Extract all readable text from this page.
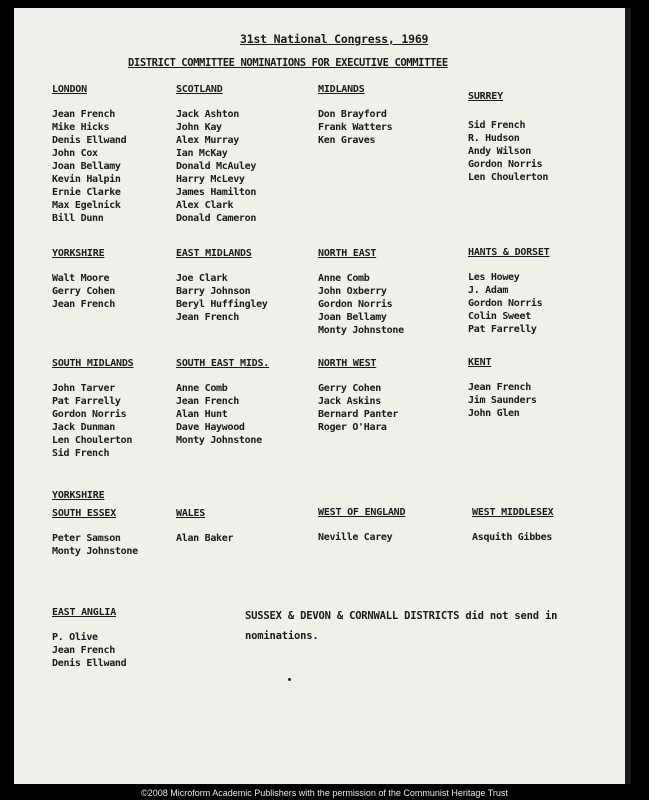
31st National Congress, 1969
DISTRICT COMMITTEE NOMINATIONS FOR EXECUTIVE COMMITTEE
LONDON
Jean French
Mike Hicks
Denis Ellwand
John Cox
Joan Bellamy
Kevin Halpin
Ernie Clarke
Max Egelnick
Bill Dunn
SCOTLAND
Jack Ashton
John Kay
Alex Murray
Ian McKay
Donald McAuley
Harry McLevy
James Hamilton
Alex Clark
Donald Cameron
MIDLANDS
Don Brayford
Frank Watters
Ken Graves
SURREY
Sid French
R. Hudson
Andy Wilson
Gordon Norris
Len Choulerton
YORKSHIRE
Walt Moore
Gerry Cohen
Jean French
EAST MIDLANDS
Joe Clark
Barry Johnson
Beryl Huffingley
Jean French
NORTH EAST
Anne Comb
John Oxberry
Gordon Norris
Joan Bellamy
Monty Johnstone
HANTS & DORSET
Les Howey
J. Adam
Gordon Norris
Colin Sweet
Pat Farrelly
SOUTH MIDLANDS
John Tarver
Pat Farrelly
Gordon Norris
Jack Dunman
Len Choulerton
Sid French
SOUTH EAST MIDS.
Anne Comb
Jean French
Alan Hunt
Dave Haywood
Monty Johnstone
NORTH WEST
Gerry Cohen
Jack Askins
Bernard Panter
Roger O'Hara
KENT
Jean French
Jim Saunders
John Glen
SOUTH ESSEX
Peter Samson
Monty Johnstone
WALES
Alan Baker
WEST OF ENGLAND
Neville Carey
WEST MIDDLESEX
Asquith Gibbes
EAST ANGLIA
P. Olive
Jean French
Denis Ellwand
YORKSHIRE
SUSSEX & DEVON & CORNWALL DISTRICTS did not send in nominations.
©2008 Microform Academic Publishers with the permission of the Communist Heritage Trust
